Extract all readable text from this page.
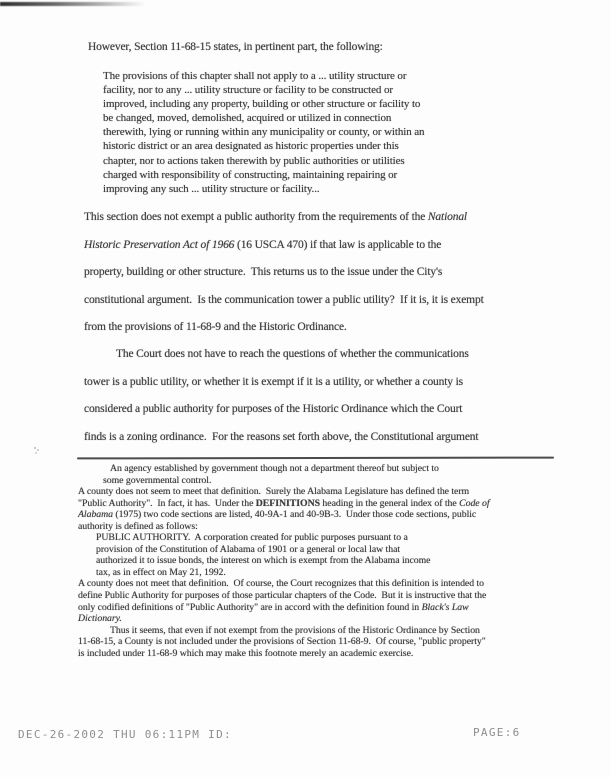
However, Section 11-68-15 states, in pertinent part, the following:
The provisions of this chapter shall not apply to a ... utility structure or
facility, nor to any ... utility structure or facility to be constructed or
improved, including any property, building or other structure or facility to
be changed, moved, demolished, acquired or utilized in connection
therewith, lying or running within any municipality or county, or within an
historic district or an area designated as historic properties under this
chapter, nor to actions taken therewith by public authorities or utilities
charged with responsibility of constructing, maintaining repairing or
improving any such ... utility structure or facility...
This section does not exempt a public authority from the requirements of the National
Historic Preservation Act of 1966 (16 USCA 470) if that law is applicable to the
property, building or other structure.  This returns us to the issue under the City's
constitutional argument.  Is the communication tower a public utility?  If it is, it is exempt
from the provisions of 11-68-9 and the Historic Ordinance.
The Court does not have to reach the questions of whether the communications
tower is a public utility, or whether it is exempt if it is a utility, or whether a county is
considered a public authority for purposes of the Historic Ordinance which the Court
finds is a zoning ordinance.  For the reasons set forth above, the Constitutional argument
An agency established by government though not a department thereof but subject to
some governmental control.
A county does not seem to meet that definition.  Surely the Alabama Legislature has defined the term
"Public Authority".  In fact, it has.  Under the DEFINITIONS heading in the general index of the Code of
Alabama (1975) two code sections are listed, 40-9A-1 and 40-9B-3.  Under those code sections, public
authority is defined as follows:
PUBLIC AUTHORITY.  A corporation created for public purposes pursuant to a
provision of the Constitution of Alabama of 1901 or a general or local law that
authorized it to issue bonds, the interest on which is exempt from the Alabama income
tax, as in effect on May 21, 1992.
A county does not meet that definition.  Of course, the Court recognizes that this definition is intended to
define Public Authority for purposes of those particular chapters of the Code.  But it is instructive that the
only codified definitions of "Public Authority" are in accord with the definition found in Black's Law
Dictionary.
Thus it seems, that even if not exempt from the provisions of the Historic Ordinance by Section
11-68-15, a County is not included under the provisions of Section 11-68-9.  Of course, "public property"
is included under 11-68-9 which may make this footnote merely an academic exercise.
DEC-26-2002 THU 06:11PM ID:	PAGE:6
